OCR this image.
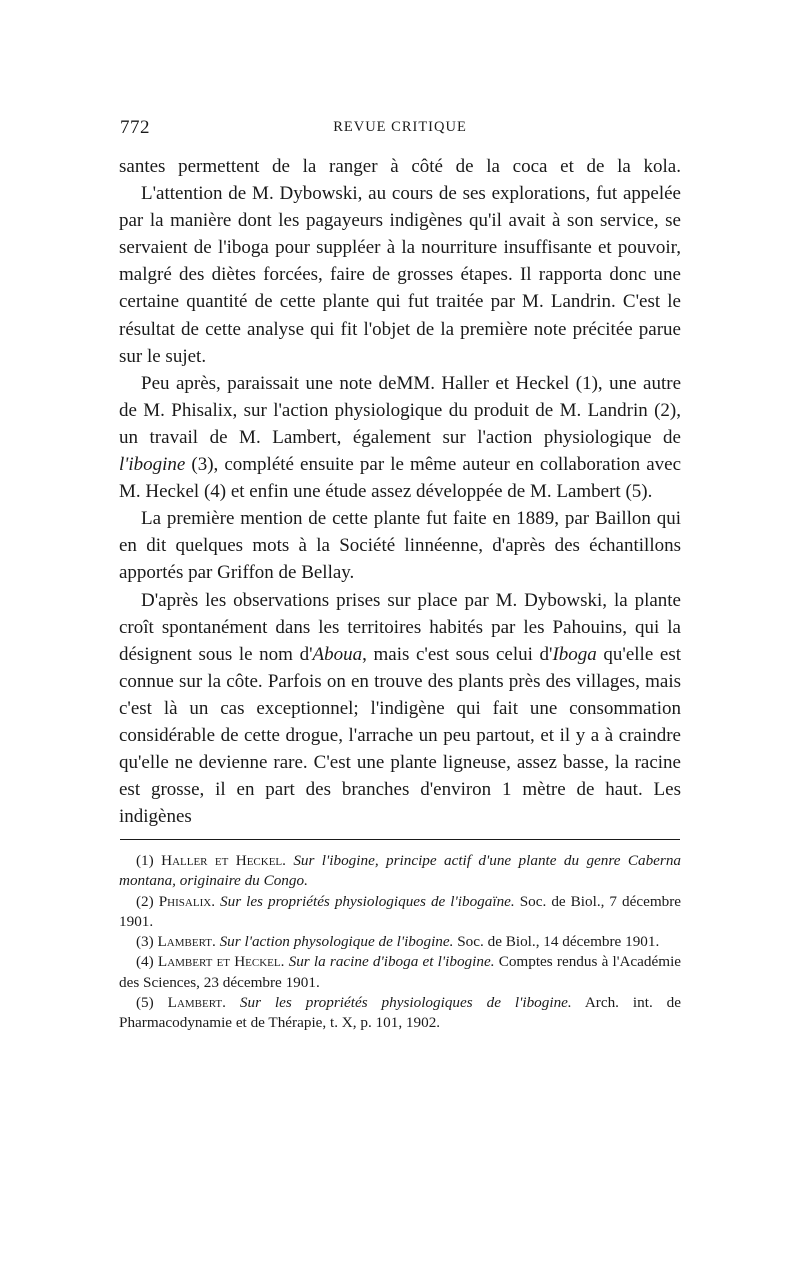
772	REVUE CRITIQUE

santes permettent de la ranger à côté de la coca et de la kola.

L'attention de M. Dybowski, au cours de ses explorations, fut appelée par la manière dont les pagayeurs indigènes qu'il avait à son service, se servaient de l'iboga pour suppléer à la nourriture insuffisante et pouvoir, malgré des diètes forcées, faire de grosses étapes. Il rapporta donc une certaine quantité de cette plante qui fut traitée par M. Landrin. C'est le résultat de cette analyse qui fit l'objet de la première note précitée parue sur le sujet.

Peu après, paraissait une note deMM. Haller et Heckel (1), une autre de M. Phisalix, sur l'action physiologique du produit de M. Landrin (2), un travail de M. Lambert, également sur l'action physiologique de l'ibogine (3), complété ensuite par le même auteur en collaboration avec M. Heckel (4) et enfin une étude assez développée de M. Lambert (5).

La première mention de cette plante fut faite en 1889, par Baillon qui en dit quelques mots à la Société linnéenne, d'après des échantillons apportés par Griffon de Bellay.

D'après les observations prises sur place par M. Dybowski, la plante croît spontanément dans les territoires habités par les Pahouins, qui la désignent sous le nom d'Aboua, mais c'est sous celui d'Iboga qu'elle est connue sur la côte. Parfois on en trouve des plants près des villages, mais c'est là un cas exceptionnel; l'indigène qui fait une consommation considérable de cette drogue, l'arrache un peu partout, et il y a à craindre qu'elle ne devienne rare. C'est une plante ligneuse, assez basse, la racine est grosse, il en part des branches d'environ 1 mètre de haut. Les indigènes

(1) Haller et Heckel. Sur l'ibogine, principe actif d'une plante du genre Caberna montana, originaire du Congo.

(2) Phisalix. Sur les propriétés physiologiques de l'ibogaïne. Soc. de Biol., 7 décembre 1901.

(3) Lambert. Sur l'action physologique de l'ibogine. Soc. de Biol., 14 décembre 1901.

(4) Lambert et Heckel. Sur la racine d'iboga et l'ibogine. Comptes rendus à l'Académie des Sciences, 23 décembre 1901.

(5) Lambert. Sur les propriétés physiologiques de l'ibogine. Arch. int. de Pharmacodynamie et de Thérapie, t. X, p. 101, 1902.
